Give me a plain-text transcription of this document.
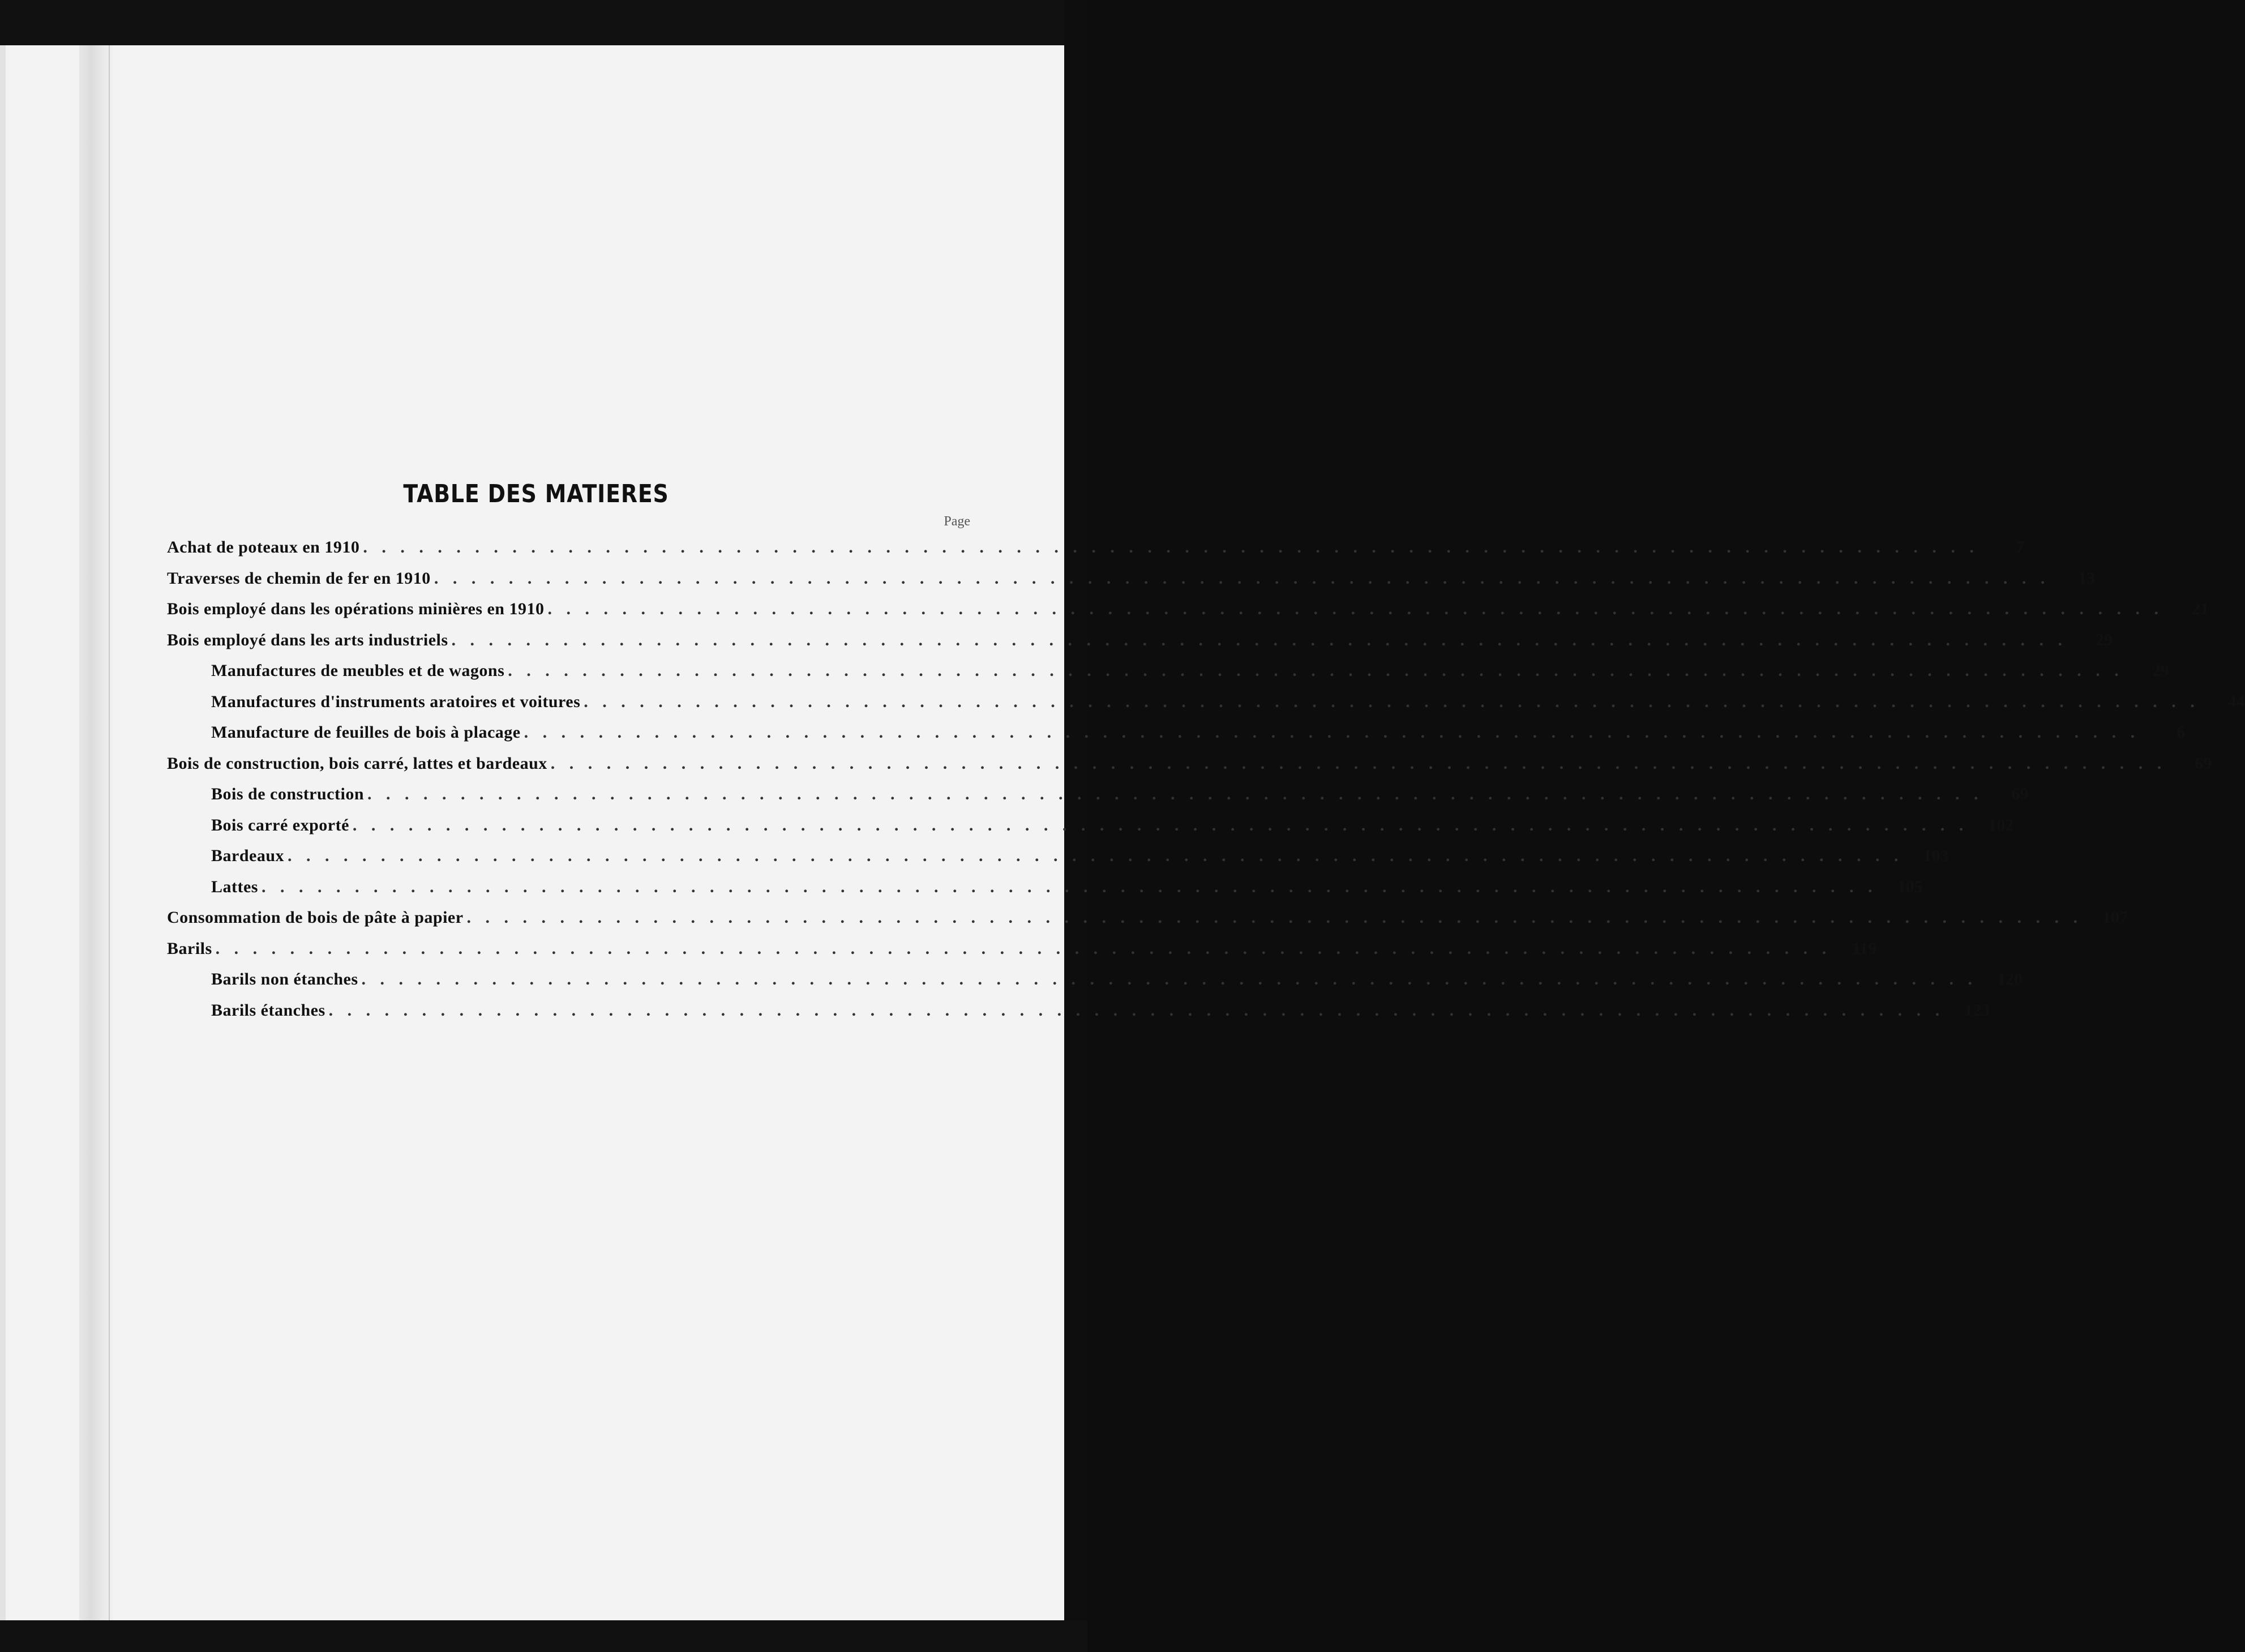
TABLE DES MATIERES
Page
Achat de poteaux en 1910 . . . . . . . . . . . . . . . . . . . . . . . . . . . . . . . . . . . . . . . . . . . . . . . . . . . . . . . . . . . . . . . . . . . . . . . . . . . . . . . . . . . . . . .	7
Traverses de chemin de fer en 1910 . . . . . . . . . . . . . . . . . . . . . . . . . . . . . . . . . . . . . . . . . . . . . . . . . . . . . . . . . . . . . . . . . . . . . . . . . . . . . . . . . . . . . . .	13
Bois employé dans les opérations minières en 1910 . . . . . . . . . . . . . . . . . . . . . . . . . . . . . . . . . . . . . . . . . . . . . . . . . . . . . . . . . . . . . . . . . . . . . . . . . . . . . . . . . . . . . . .	21
Bois employé dans les arts industriels . . . . . . . . . . . . . . . . . . . . . . . . . . . . . . . . . . . . . . . . . . . . . . . . . . . . . . . . . . . . . . . . . . . . . . . . . . . . . . . . . . . . . . .	29
Manufactures de meubles et de wagons . . . . . . . . . . . . . . . . . . . . . . . . . . . . . . . . . . . . . . . . . . . . . . . . . . . . . . . . . . . . . . . . . . . . . . . . . . . . . . . . . . . . . . .	29
Manufactures d'instruments aratoires et voitures . . . . . . . . . . . . . . . . . . . . . . . . . . . . . . . . . . . . . . . . . . . . . . . . . . . . . . . . . . . . . . . . . . . . . . . . . . . . . . . . . . . . . . .	44
Manufacture de feuilles de bois à placage . . . . . . . . . . . . . . . . . . . . . . . . . . . . . . . . . . . . . . . . . . . . . . . . . . . . . . . . . . . . . . . . . . . . . . . . . . . . . . . . . . . . . . .	6
Bois de construction, bois carré, lattes et bardeaux . . . . . . . . . . . . . . . . . . . . . . . . . . . . . . . . . . . . . . . . . . . . . . . . . . . . . . . . . . . . . . . . . . . . . . . . . . . . . . . . . . . . . . .	69
Bois de construction . . . . . . . . . . . . . . . . . . . . . . . . . . . . . . . . . . . . . . . . . . . . . . . . . . . . . . . . . . . . . . . . . . . . . . . . . . . . . . . . . . . . . . .	69
Bois carré exporté . . . . . . . . . . . . . . . . . . . . . . . . . . . . . . . . . . . . . . . . . . . . . . . . . . . . . . . . . . . . . . . . . . . . . . . . . . . . . . . . . . . . . . .	102
Bardeaux . . . . . . . . . . . . . . . . . . . . . . . . . . . . . . . . . . . . . . . . . . . . . . . . . . . . . . . . . . . . . . . . . . . . . . . . . . . . . . . . . . . . . . .	103
Lattes . . . . . . . . . . . . . . . . . . . . . . . . . . . . . . . . . . . . . . . . . . . . . . . . . . . . . . . . . . . . . . . . . . . . . . . . . . . . . . . . . . . . . . .	105
Consommation de bois de pâte à papier . . . . . . . . . . . . . . . . . . . . . . . . . . . . . . . . . . . . . . . . . . . . . . . . . . . . . . . . . . . . . . . . . . . . . . . . . . . . . . . . . . . . . . .	107
Barils . . . . . . . . . . . . . . . . . . . . . . . . . . . . . . . . . . . . . . . . . . . . . . . . . . . . . . . . . . . . . . . . . . . . . . . . . . . . . . . . . . . . . . .	119
Barils non étanches . . . . . . . . . . . . . . . . . . . . . . . . . . . . . . . . . . . . . . . . . . . . . . . . . . . . . . . . . . . . . . . . . . . . . . . . . . . . . . . . . . . . . . .	120
Barils étanches . . . . . . . . . . . . . . . . . . . . . . . . . . . . . . . . . . . . . . . . . . . . . . . . . . . . . . . . . . . . . . . . . . . . . . . . . . . . . . . . . . . . . . .	123
